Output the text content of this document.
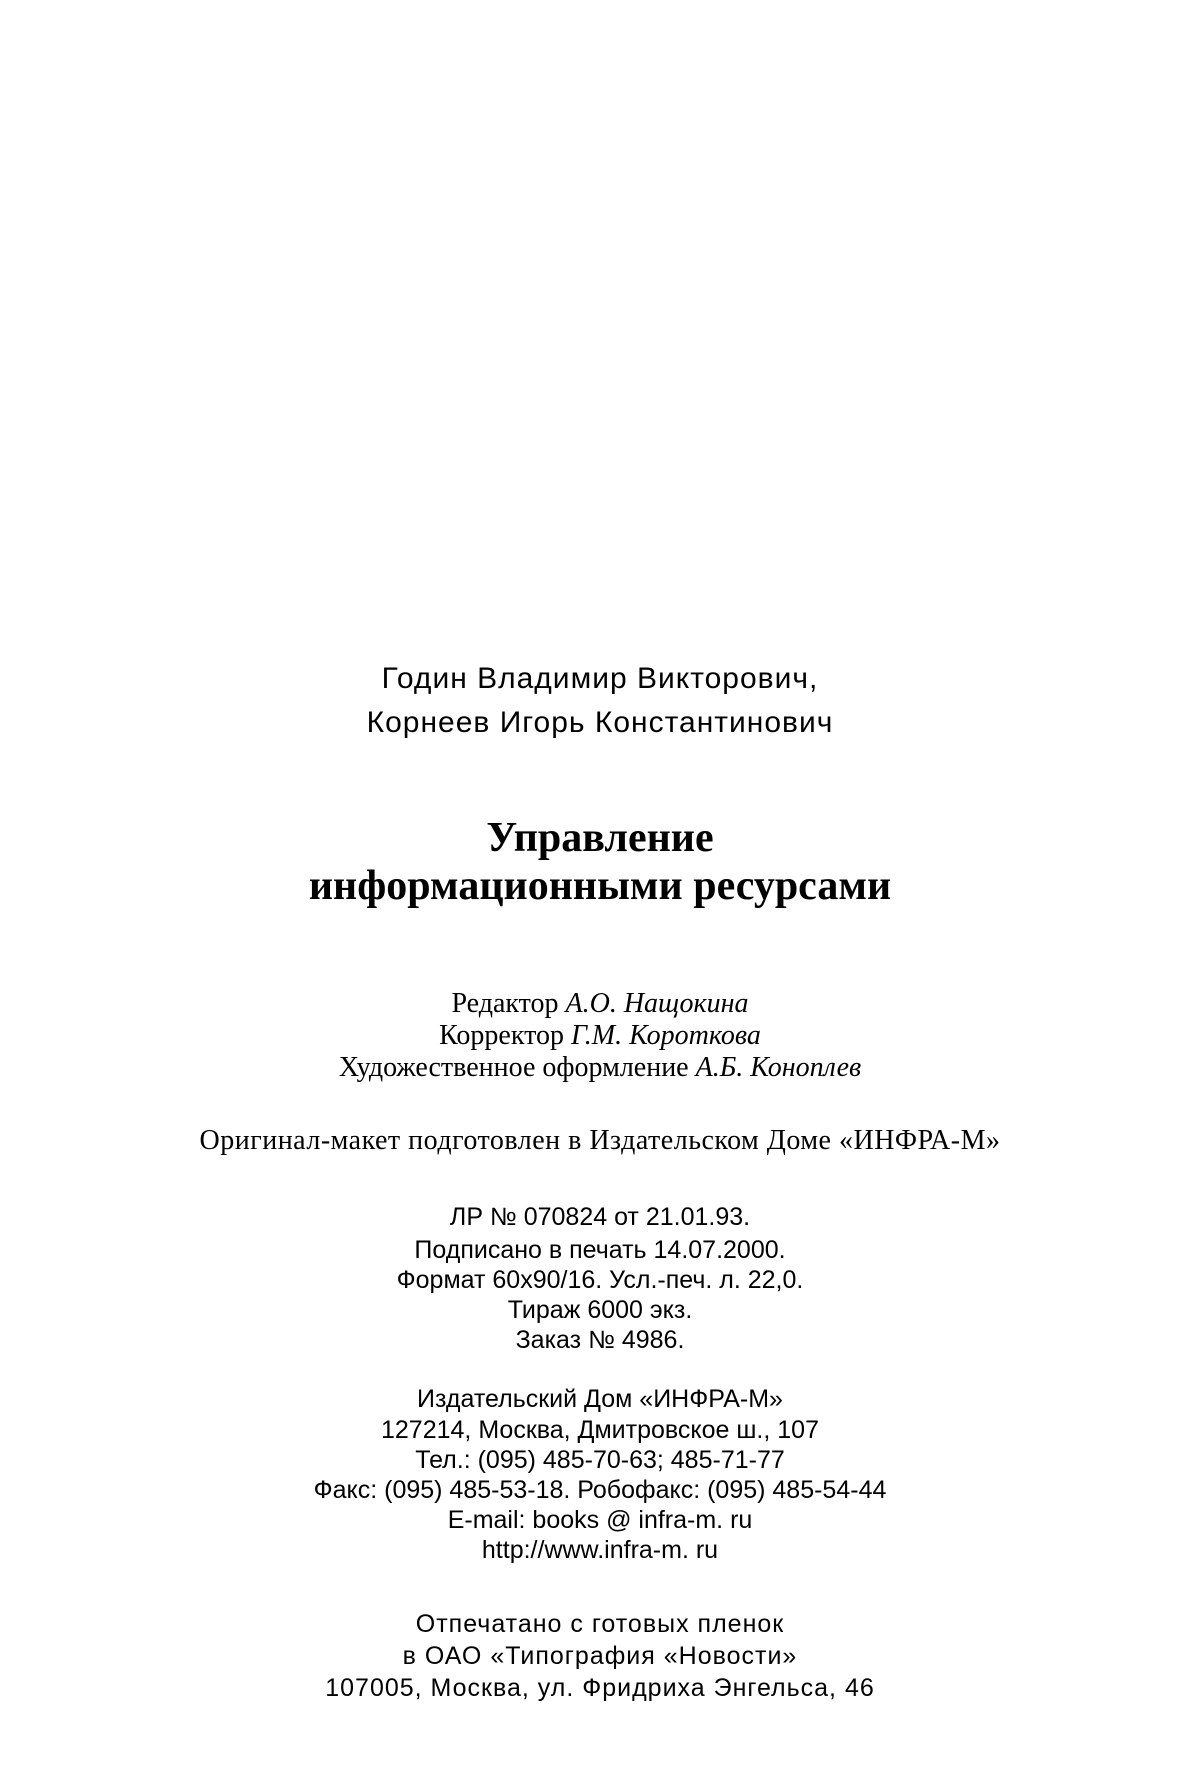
Годин Владимир Викторович,
Корнеев Игорь Константинович
Управление
информационными ресурсами
Редактор А.О. Нащокина
Корректор Г.М. Короткова
Художественное оформление А.Б. Коноплев
Оригинал-макет подготовлен в Издательском Доме «ИНФРА-М»
ЛР № 070824 от 21.01.93.
Подписано в печать 14.07.2000.
Формат 60x90/16. Усл.-печ. л. 22,0.
Тираж 6000 экз.
Заказ № 4986.
Издательский Дом «ИНФРА-М»
127214, Москва, Дмитровское ш., 107
Тел.: (095) 485-70-63; 485-71-77
Факс: (095) 485-53-18. Робофакс: (095) 485-54-44
E-mail: books @ infra-m. ru
http://www.infra-m. ru
Отпечатано с готовых пленок
в ОАО «Типография «Новости»
107005, Москва, ул. Фридриха Энгельса, 46
